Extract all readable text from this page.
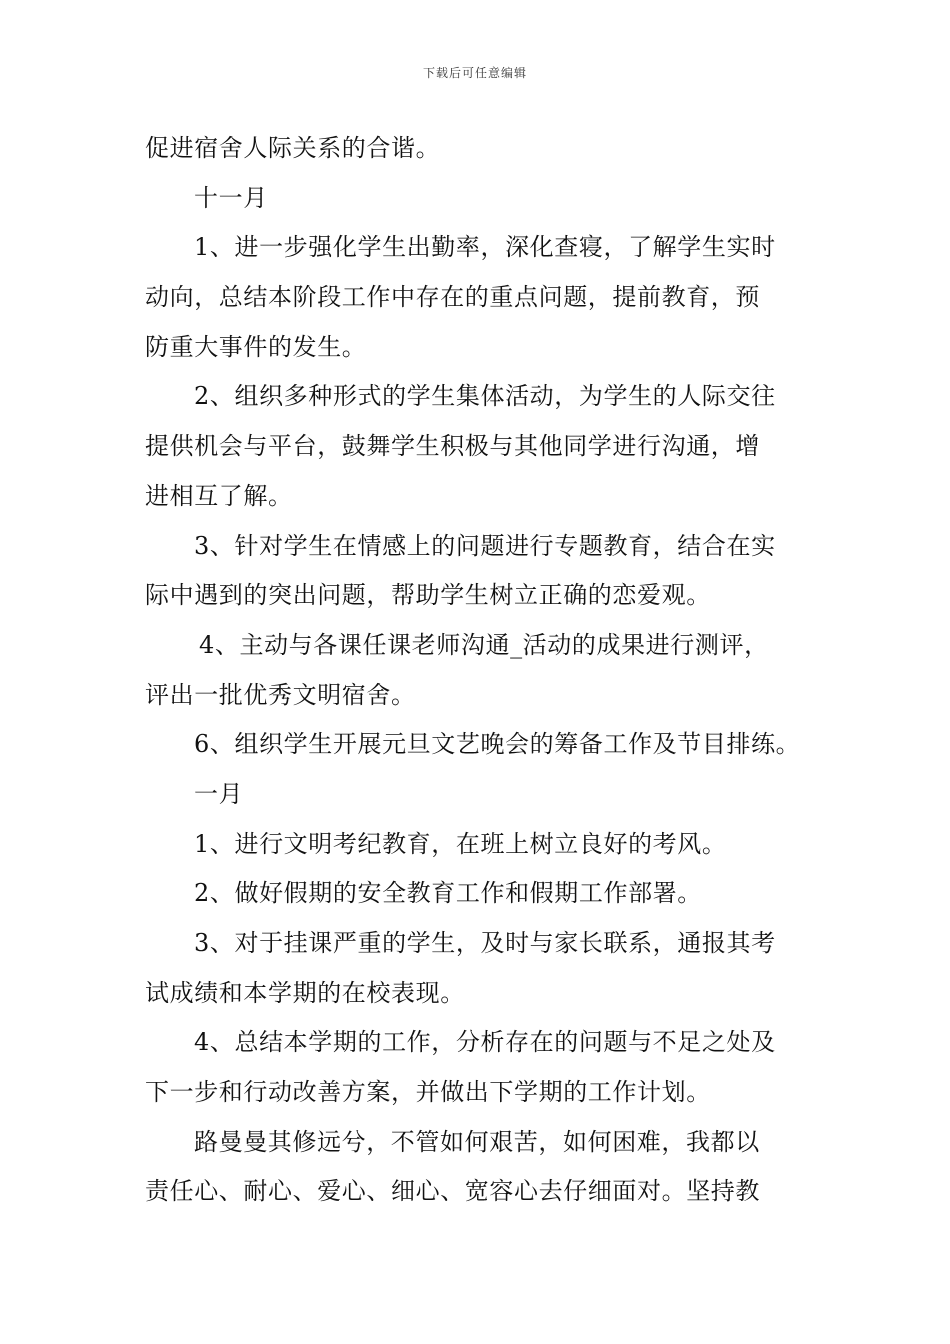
下载后可任意编辑
促进宿舍人际关系的合谐。
十一月
1、进一步强化学生出勤率，深化查寝，了解学生实时
动向，总结本阶段工作中存在的重点问题，提前教育，预
防重大事件的发生。
2、组织多种形式的学生集体活动，为学生的人际交往
提供机会与平台，鼓舞学生积极与其他同学进行沟通，增
进相互了解。
3、针对学生在情感上的问题进行专题教育，结合在实
际中遇到的突出问题，帮助学生树立正确的恋爱观。
4、主动与各课任课老师沟通_活动的成果进行测评，
评出一批优秀文明宿舍。
6、组织学生开展元旦文艺晚会的筹备工作及节目排练。
一月
1、进行文明考纪教育，在班上树立良好的考风。
2、做好假期的安全教育工作和假期工作部署。
3、对于挂课严重的学生，及时与家长联系，通报其考
试成绩和本学期的在校表现。
4、总结本学期的工作，分析存在的问题与不足之处及
下一步和行动改善方案，并做出下学期的工作计划。
路曼曼其修远兮，不管如何艰苦，如何困难，我都以
责任心、耐心、爱心、细心、宽容心去仔细面对。坚持教
